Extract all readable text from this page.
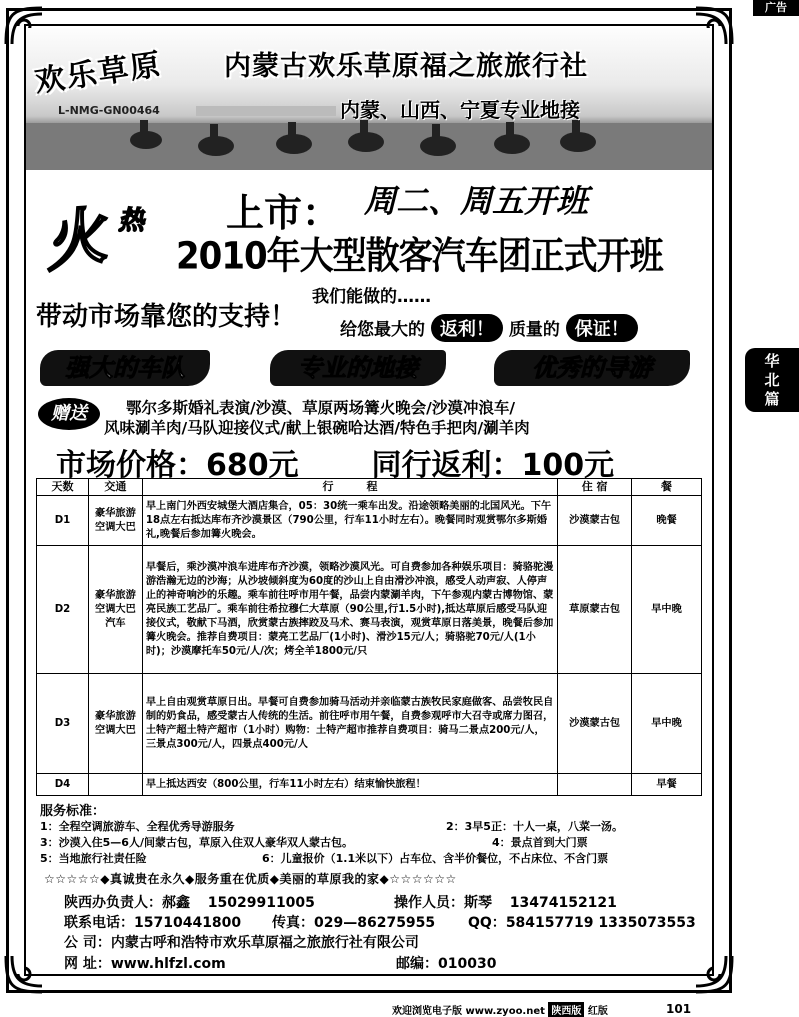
广告
华北篇
欢乐草原 内蒙古欢乐草原福之旅旅行社
L-NMG-GN00464	内蒙、山西、宁夏专业地接
火 热 上市： 周二、周五开班
2010年大型散客汽车团正式开班
带动市场靠您的支持！
我们能做的……
给您最大的 返利！ 质量的 保证！
强大的车队	专业的地接	优秀的导游
赠送	鄂尔多斯婚礼表演/沙漠、草原两场篝火晚会/沙漠冲浪车/
风味涮羊肉/马队迎接仪式/献上银碗哈达酒/特色手把肉/涮羊肉
市场价格：680元 同行返利：100元
天数	交通	行　　　程	住 宿	餐
D1	豪华旅游空调大巴	早上南门外西安城堡大酒店集合，05：30统一乘车出发。沿途领略美丽的北国风光。下午18点左右抵达库布齐沙漠景区（790公里，行车11小时左右）。晚餐同时观赏鄂尔多斯婚礼,晚餐后参加篝火晚会。	沙漠蒙古包	晚餐
D2	豪华旅游空调大巴汽车	早餐后，乘沙漠冲浪车进库布齐沙漠，领略沙漠风光。可自费参加各种娱乐项目：骑骆驼漫游浩瀚无边的沙海；从沙坡倾斜度为60度的沙山上自由滑沙冲浪，感受人动声寂、人停声止的神奇响沙的乐趣。乘车前往呼市用午餐，品尝内蒙涮羊肉，下午参观内蒙古博物馆、蒙亮民族工艺品厂。乘车前往希拉穆仁大草原（90公里,行1.5小时),抵达草原后感受马队迎接仪式，敬献下马酒，欣赏蒙古族摔跤及马术、赛马表演，观赏草原日落美景，晚餐后参加篝火晚会。推荐自费项目：蒙亮工艺品厂(1小时)、滑沙15元/人；骑骆驼70元/人(1小时)；沙漠摩托车50元/人/次；烤全羊1800元/只	草原蒙古包	早中晚
D3	豪华旅游空调大巴	早上自由观赏草原日出。早餐可自费参加骑马活动并亲临蒙古族牧民家庭做客、品尝牧民自制的奶食品，感受蒙古人传统的生活。前往呼市用午餐，自费参观呼市大召寺或席力图召，土特产超土特产超市（1小时）购物：土特产超市推荐自费项目：骑马二景点200元/人，三景点300元/人，四景点400元/人	沙漠蒙古包	早中晚
D4		早上抵达西安（800公里，行车11小时左右）结束愉快旅程！		早餐
服务标准：
1：全程空调旅游车、全程优秀导游服务	2：3早5正：十人一桌，八菜一汤。
3：沙漠入住5—6人/间蒙古包，草原入住双人豪华双人蒙古包。	4：景点首到大门票
5：当地旅行社责任险	6：儿童报价（1.1米以下）占车位、含半价餐位，不占床位、不含门票
☆☆☆☆☆◆真诚贵在永久◆服务重在优质◆美丽的草原我的家◆☆☆☆☆☆☆
陕西办负责人：郝鑫 15029911005	操作人员：斯琴 13474152121
联系电话：15710441800 传真：029—86275955 QQ：584157719 1335073553
公 司：内蒙古呼和浩特市欢乐草原福之旅旅行社有限公司
网 址：www.hlfzl.com	邮编：010030
欢迎浏览电子版 www.zyoo.net 陕西版 红版	101
